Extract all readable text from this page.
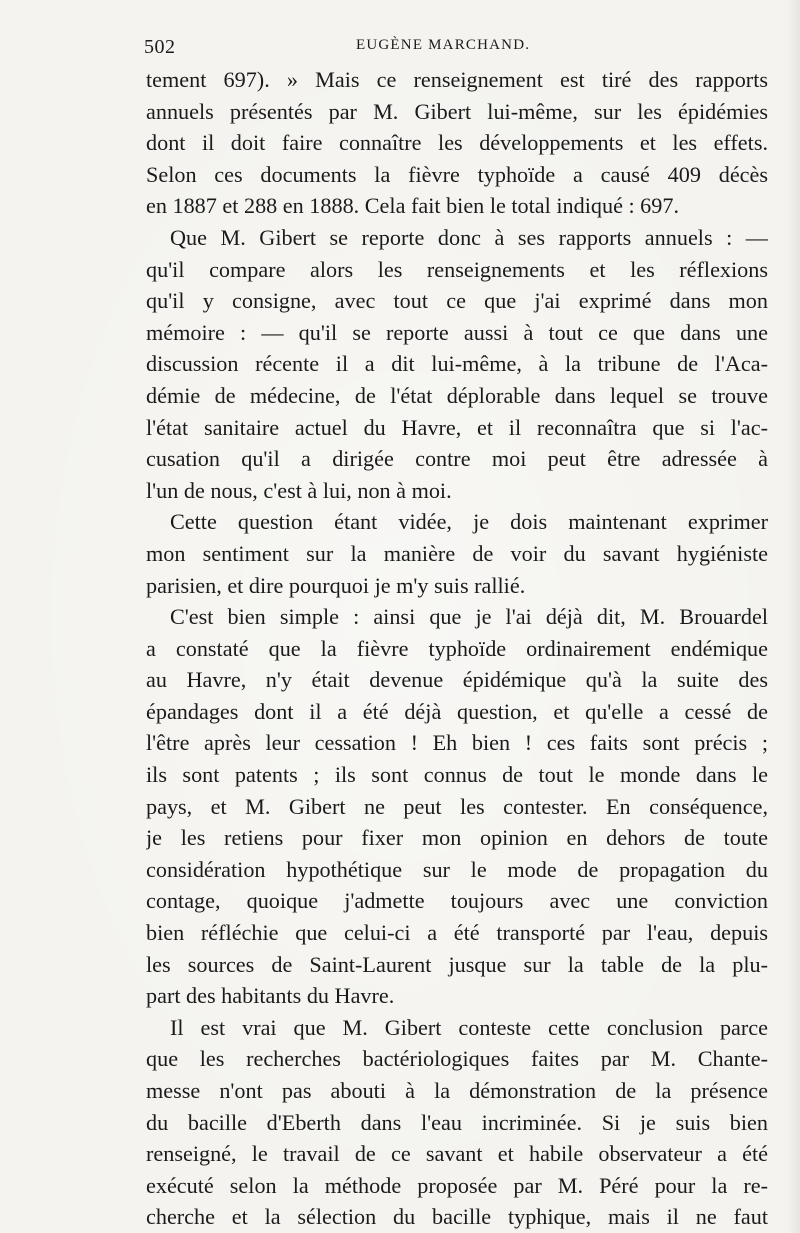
502	EUGÈNE MARCHAND.
tement 697). » Mais ce renseignement est tiré des rapports
annuels présentés par M. Gibert lui-même, sur les épidémies
dont il doit faire connaître les développements et les effets.
Selon ces documents la fièvre typhoïde a causé 409 décès
en 1887 et 288 en 1888. Cela fait bien le total indiqué : 697.
Que M. Gibert se reporte donc à ses rapports annuels : —
qu'il compare alors les renseignements et les réflexions
qu'il y consigne, avec tout ce que j'ai exprimé dans mon
mémoire : — qu'il se reporte aussi à tout ce que dans une
discussion récente il a dit lui-même, à la tribune de l'Aca-
démie de médecine, de l'état déplorable dans lequel se trouve
l'état sanitaire actuel du Havre, et il reconnaîtra que si l'ac-
cusation qu'il a dirigée contre moi peut être adressée à
l'un de nous, c'est à lui, non à moi.
Cette question étant vidée, je dois maintenant exprimer
mon sentiment sur la manière de voir du savant hygiéniste
parisien, et dire pourquoi je m'y suis rallié.
C'est bien simple : ainsi que je l'ai déjà dit, M. Brouardel
a constaté que la fièvre typhoïde ordinairement endémique
au Havre, n'y était devenue épidémique qu'à la suite des
épandages dont il a été déjà question, et qu'elle a cessé de
l'être après leur cessation ! Eh bien ! ces faits sont précis ;
ils sont patents ; ils sont connus de tout le monde dans le
pays, et M. Gibert ne peut les contester. En conséquence,
je les retiens pour fixer mon opinion en dehors de toute
considération hypothétique sur le mode de propagation du
contage, quoique j'admette toujours avec une conviction
bien réfléchie que celui-ci a été transporté par l'eau, depuis
les sources de Saint-Laurent jusque sur la table de la plu-
part des habitants du Havre.
Il est vrai que M. Gibert conteste cette conclusion parce
que les recherches bactériologiques faites par M. Chante-
messe n'ont pas abouti à la démonstration de la présence
du bacille d'Eberth dans l'eau incriminée. Si je suis bien
renseigné, le travail de ce savant et habile observateur a été
exécuté selon la méthode proposée par M. Péré pour la re-
cherche et la sélection du bacille typhique, mais il ne faut
